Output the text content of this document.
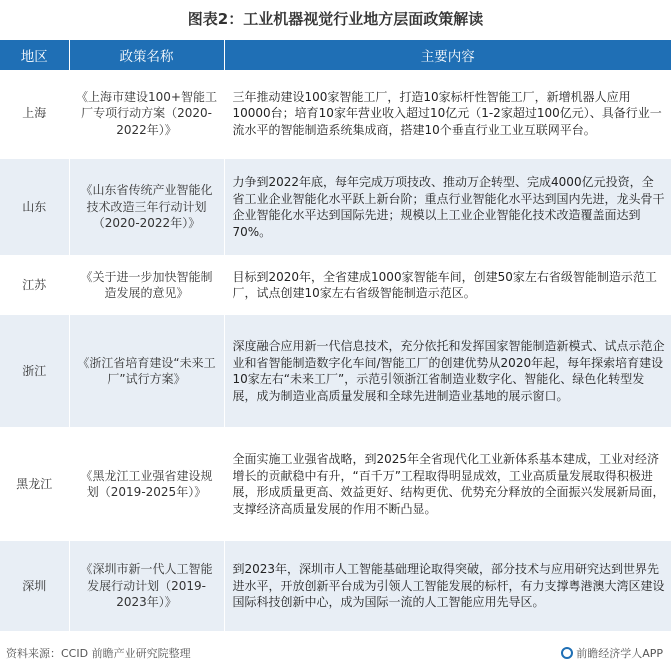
图表2：工业机器视觉行业地方层面政策解读
地区	政策名称	主要内容
上海	《上海市建设100+智能工厂专项行动方案（2020-2022年）》	三年推动建设100家智能工厂，打造10家标杆性智能工厂，新增机器人应用10000台；培育10家年营业收入超过10亿元（1-2家超过100亿元）、具备行业一流水平的智能制造系统集成商，搭建10个垂直行业工业互联网平台。
山东	《山东省传统产业智能化技术改造三年行动计划（2020-2022年）》	力争到2022年底，每年完成万项技改、推动万企转型、完成4000亿元投资，全省工业企业智能化水平跃上新台阶；重点行业智能化水平达到国内先进，龙头骨干企业智能化水平达到国际先进；规模以上工业企业智能化技术改造覆盖面达到70%。
江苏	《关于进一步加快智能制造发展的意见》	目标到2020年，全省建成1000家智能车间，创建50家左右省级智能制造示范工厂，试点创建10家左右省级智能制造示范区。
浙江	《浙江省培育建设“未来工厂”试行方案》	深度融合应用新一代信息技术，充分依托和发挥国家智能制造新模式、试点示范企业和省智能制造数字化车间/智能工厂的创建优势从2020年起，每年探索培育建设10家左右“未来工厂”，示范引领浙江省制造业数字化、智能化、绿色化转型发展，成为制造业高质量发展和全球先进制造业基地的展示窗口。
黑龙江	《黑龙江工业强省建设规划（2019-2025年）》	全面实施工业强省战略，到2025年全省现代化工业新体系基本建成，工业对经济增长的贡献稳中有升，“百千万”工程取得明显成效，工业高质量发展取得积极进展，形成质量更高、效益更好、结构更优、优势充分释放的全面振兴发展新局面，支撑经济高质量发展的作用不断凸显。
深圳	《深圳市新一代人工智能发展行动计划（2019-2023年）》	到2023年，深圳市人工智能基础理论取得突破，部分技术与应用研究达到世界先进水平，开放创新平台成为引领人工智能发展的标杆，有力支撑粤港澳大湾区建设国际科技创新中心，成为国际一流的人工智能应用先导区。
资料来源：CCID 前瞻产业研究院整理	前瞻经济学人APP
